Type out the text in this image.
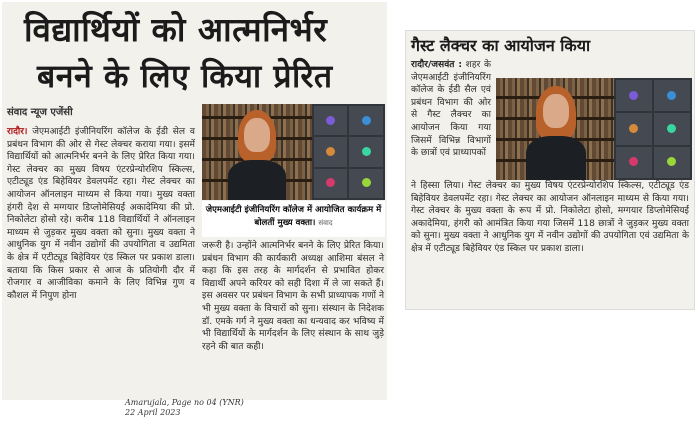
विद्यार्थियों को आत्मनिर्भर
बनने के लिए किया प्रेरित
संवाद न्यूज एजेंसी
रादौर। जेएमआईटी इंजीनियरिंग कॉलेज के ईडी सेल व प्रबंधन विभाग की ओर से गेस्ट लेक्चर कराया गया। इसमें विद्यार्थियों को आत्मनिर्भर बनने के लिए प्रेरित किया गया। गेस्ट लेक्चर का मुख्य विषय एंटरप्रेन्योरशिप स्किल्स, एटीट्यूड एंड बिहेवियर डेवलपमेंट रहा। गेस्ट लेक्चर का आयोजन ऑनलाइन माध्यम से किया गया। मुख्य वक्ता हंगरी देश से मग्गयार डिप्लोमेसियई अकादेमिया की प्रो. निकोलेटा होसो रहे। करीब 118 विद्यार्थियों ने ऑनलाइन माध्यम से जुड़कर मुख्य वक्ता को सुना। मुख्य वक्ता ने आधुनिक युग में नवीन उद्योगों की उपयोगिता व उद्यमिता के क्षेत्र में एटीट्यूड बिहेवियर एंड स्किल पर प्रकाश डाला। बताया कि किस प्रकार से आज के प्रतियोगी दौर में रोजगार व आजीविका कमाने के लिए विभिन्न गुण व कौशल में निपुण होना
जेएमआईटी इंजीनियरिंग कॉलेज में आयोजित कार्यक्रम में बोलतीं मुख्य वक्ता। संवाद
जरूरी है। उन्होंने आत्मनिर्भर बनने के लिए प्रेरित किया। प्रबंधन विभाग की कार्यकारी अध्यक्ष आशिमा बंसल ने कहा कि इस तरह के मार्गदर्शन से प्रभावित होकर विद्यार्थी अपने करियर को सही दिशा में ले जा सकते हैं। इस अवसर पर प्रबंधन विभाग के सभी प्राध्यापक गणों ने भी मुख्य वक्ता के विचारों को सुना। संस्थान के निदेशक डॉ. एमके गर्ग ने मुख्य वक्ता का धन्यवाद कर भविष्य में भी विद्यार्थियों के मार्गदर्शन के लिए संस्थान के साथ जुड़े रहने की बात कही।
Amarujala, Page no 04 (YNR)
22 April 2023
गैस्ट लैक्चर का आयोजन किया
रादौर/जसवंत : शहर के जेएमआईटी इंजीनियरिंग कॉलेज के ईडी सैल एवं प्रबंधन विभाग की ओर से गैस्ट लैक्चर का आयोजन किया गया जिसमें विभिन्न विभागों के छात्रों एवं प्राध्यापकों
ने हिस्सा लिया। गेस्ट लेक्चर का मुख्य विषय एंटरप्रेन्योरशिप स्किल्स, एटीट्यूड एंड बिहेवियर डेवलपमेंट रहा। गेस्ट लेक्चर का आयोजन ऑनलाइन माध्यम से किया गया। गेस्ट लेक्चर के मुख्य वक्ता के रूप में प्रो. निकोलेटा होसो, मग्गयार डिप्लोमेसियई अकादेमिया, हंगरी को आमंत्रित किया गया जिसमें 118 छात्रों ने जुड़कर मुख्य वक्ता को सुना। मुख्य वक्ता ने आधुनिक युग में नवीन उद्योगों की उपयोगिता एवं उद्यमिता के क्षेत्र में एटीट्यूड बिहेवियर एंड स्किल पर प्रकाश डाला।
